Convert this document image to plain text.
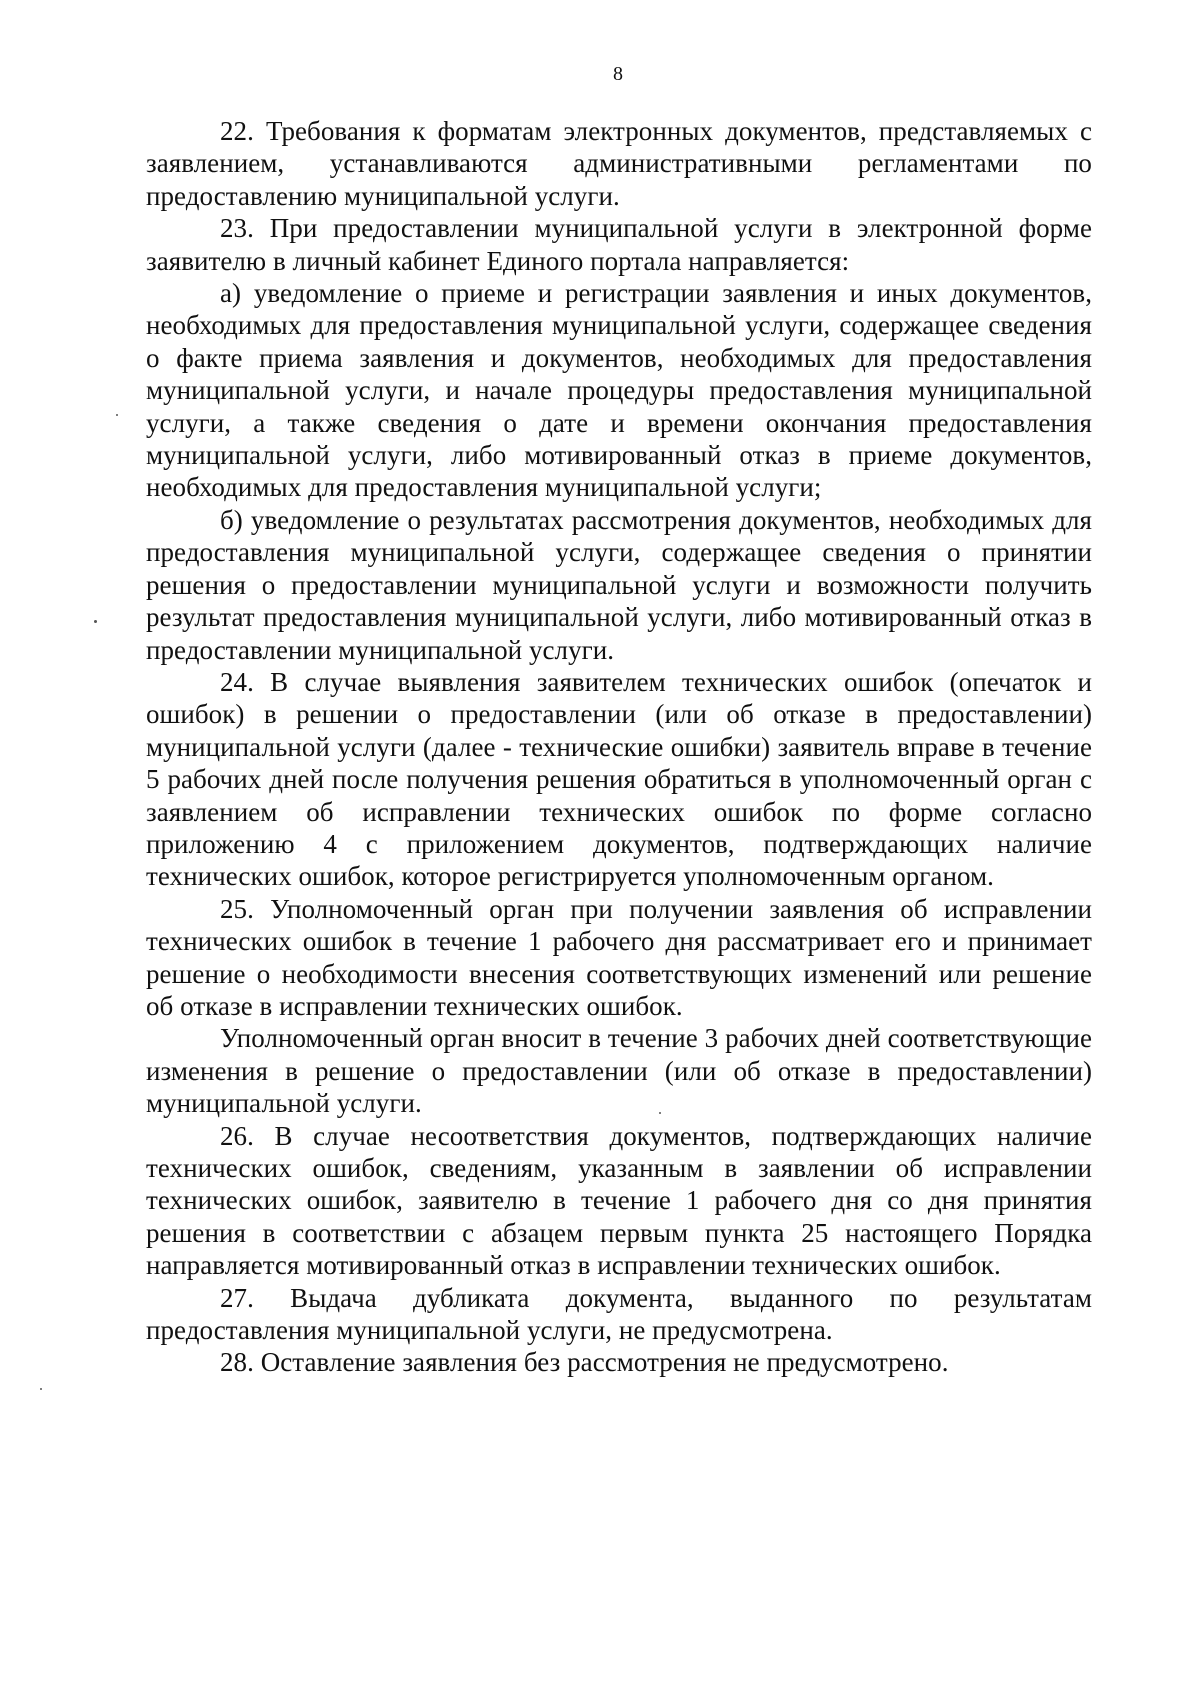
8

22. Требования к форматам электронных документов, представляемых с заявлением, устанавливаются административными регламентами по предоставлению муниципальной услуги.

23. При предоставлении муниципальной услуги в электронной форме заявителю в личный кабинет Единого портала направляется:

а) уведомление о приеме и регистрации заявления и иных документов, необходимых для предоставления муниципальной услуги, содержащее сведения о факте приема заявления и документов, необходимых для предоставления муниципальной услуги, и начале процедуры предоставления муниципальной услуги, а также сведения о дате и времени окончания предоставления муниципальной услуги, либо мотивированный отказ в приеме документов, необходимых для предоставления муниципальной услуги;

б) уведомление о результатах рассмотрения документов, необходимых для предоставления муниципальной услуги, содержащее сведения о принятии решения о предоставлении муниципальной услуги и возможности получить результат предоставления муниципальной услуги, либо мотивированный отказ в предоставлении муниципальной услуги.

24. В случае выявления заявителем технических ошибок (опечаток и ошибок) в решении о предоставлении (или об отказе в предоставлении) муниципальной услуги (далее - технические ошибки) заявитель вправе в течение 5 рабочих дней после получения решения обратиться в уполномоченный орган с заявлением об исправлении технических ошибок по форме согласно приложению 4 с приложением документов, подтверждающих наличие технических ошибок, которое регистрируется уполномоченным органом.

25. Уполномоченный орган при получении заявления об исправлении технических ошибок в течение 1 рабочего дня рассматривает его и принимает решение о необходимости внесения соответствующих изменений или решение об отказе в исправлении технических ошибок.

Уполномоченный орган вносит в течение 3 рабочих дней соответствующие изменения в решение о предоставлении (или об отказе в предоставлении) муниципальной услуги.

26. В случае несоответствия документов, подтверждающих наличие технических ошибок, сведениям, указанным в заявлении об исправлении технических ошибок, заявителю в течение 1 рабочего дня со дня принятия решения в соответствии с абзацем первым пункта 25 настоящего Порядка направляется мотивированный отказ в исправлении технических ошибок.

27. Выдача дубликата документа, выданного по результатам предоставления муниципальной услуги, не предусмотрена.

28. Оставление заявления без рассмотрения не предусмотрено.
